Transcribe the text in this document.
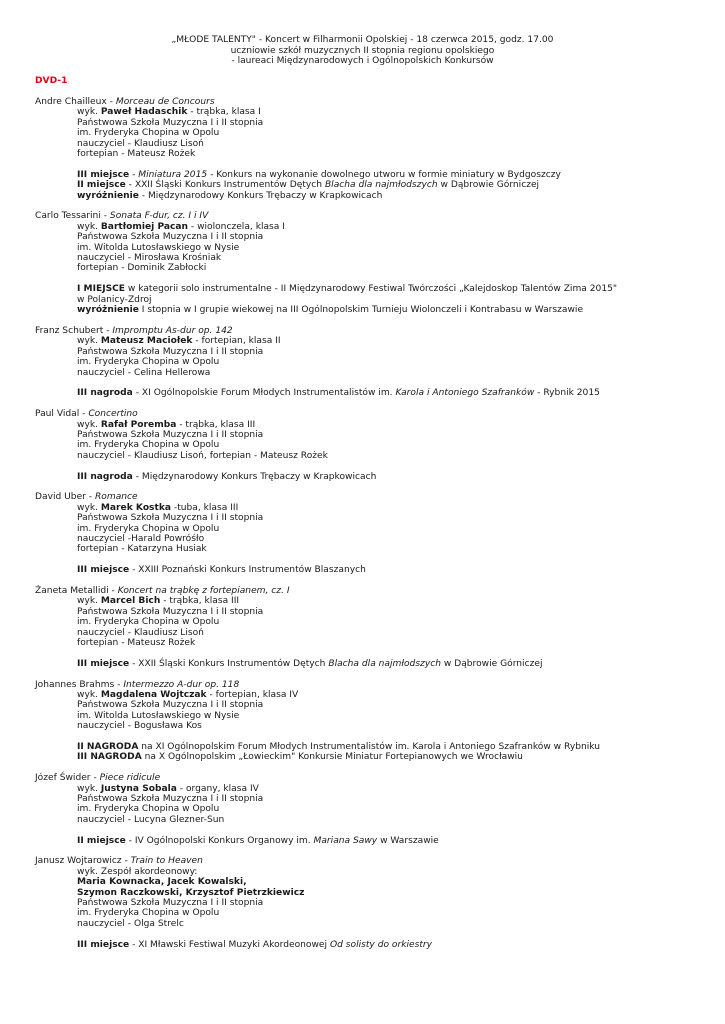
„MŁODE TALENTY" - Koncert w Filharmonii Opolskiej - 18 czerwca 2015, godz. 17.00
uczniowie szkół muzycznych II stopnia regionu opolskiego
- laureaci Międzynarodowych i Ogólnopolskich Konkursów
DVD-1
Andre Chailleux - Morceau de Concours
wyk. Paweł Hadaschik - trąbka, klasa I
Państwowa Szkoła Muzyczna I i II stopnia
im. Fryderyka Chopina w Opolu
nauczyciel - Klaudiusz Lisoń
fortepian - Mateusz Rożek
III miejsce - Miniatura 2015 - Konkurs na wykonanie dowolnego utworu w formie miniatury w Bydgoszczy
II miejsce - XXII Śląski Konkurs Instrumentów Dętych Blacha dla najmłodszych w Dąbrowie Górniczej
wyróżnienie - Międzynarodowy Konkurs Trębaczy w Krapkowicach
Carlo Tessarini - Sonata F-dur, cz. I i IV
wyk. Bartłomiej Pacan - wiolonczela, klasa I
Państwowa Szkoła Muzyczna I i II stopnia
im. Witolda Lutosławskiego w Nysie
nauczyciel - Mirosława Krośniak
fortepian - Dominik Zabłocki
I MIEJSCE w kategorii solo instrumentalne - II Międzynarodowy Festiwal Twórczości „Kalejdoskop Talentów Zima 2015"
w Polanicy-Zdroj
wyróżnienie I stopnia w I grupie wiekowej na III Ogólnopolskim Turnieju Wiolonczeli i Kontrabasu w Warszawie
Franz Schubert - Impromptu As-dur op. 142
wyk. Mateusz Maciołek - fortepian, klasa II
Państwowa Szkoła Muzyczna I i II stopnia
im. Fryderyka Chopina w Opolu
nauczyciel - Celina Hellerowa
III nagroda - XI Ogólnopolskie Forum Młodych Instrumentalistów im. Karola i Antoniego Szafranków - Rybnik 2015
Paul Vidal - Concertino
wyk. Rafał Poremba - trąbka, klasa III
Państwowa Szkoła Muzyczna I i II stopnia
im. Fryderyka Chopina w Opolu
nauczyciel - Klaudiusz Lisoń, fortepian - Mateusz Rożek
III nagroda - Międzynarodowy Konkurs Trębaczy w Krapkowicach
David Uber - Romance
wyk. Marek Kostka -tuba, klasa III
Państwowa Szkoła Muzyczna I i II stopnia
im. Fryderyka Chopina w Opolu
nauczyciel -Harald Powróśło
fortepian - Katarzyna Husiak
III miejsce - XXIII Poznański Konkurs Instrumentów Blaszanych
Żaneta Metallidi - Koncert na trąbkę z fortepianem, cz. I
wyk. Marcel Bich - trąbka, klasa III
Państwowa Szkoła Muzyczna I i II stopnia
im. Fryderyka Chopina w Opolu
nauczyciel - Klaudiusz Lisoń
fortepian - Mateusz Rożek
III miejsce - XXII Śląski Konkurs Instrumentów Dętych Blacha dla najmłodszych w Dąbrowie Górniczej
Johannes Brahms - Intermezzo A-dur op. 118
wyk. Magdalena Wojtczak - fortepian, klasa IV
Państwowa Szkoła Muzyczna I i II stopnia
im. Witolda Lutosławskiego w Nysie
nauczyciel - Bogusława Kos
II NAGRODA na XI Ogólnopolskim Forum Młodych Instrumentalistów im. Karola i Antoniego Szafranków w Rybniku
III NAGRODA na X Ogólnopolskim „Łowieckim" Konkursie Miniatur Fortepianowych we Wrocławiu
Józef Świder - Piece ridicule
wyk. Justyna Sobala - organy, klasa IV
Państwowa Szkoła Muzyczna I i II stopnia
im. Fryderyka Chopina w Opolu
nauczyciel - Lucyna Glezner-Sun
II miejsce - IV Ogólnopolski Konkurs Organowy im. Mariana Sawy w Warszawie
Janusz Wojtarowicz - Train to Heaven
wyk. Zespół akordeonowy:
Maria Kownacka, Jacek Kowalski,
Szymon Raczkowski, Krzysztof Pietrzkiewicz
Państwowa Szkoła Muzyczna I i II stopnia
im. Fryderyka Chopina w Opolu
nauczyciel - Olga Strelc
III miejsce - XI Mławski Festiwal Muzyki Akordeonowej Od solisty do orkiestry
